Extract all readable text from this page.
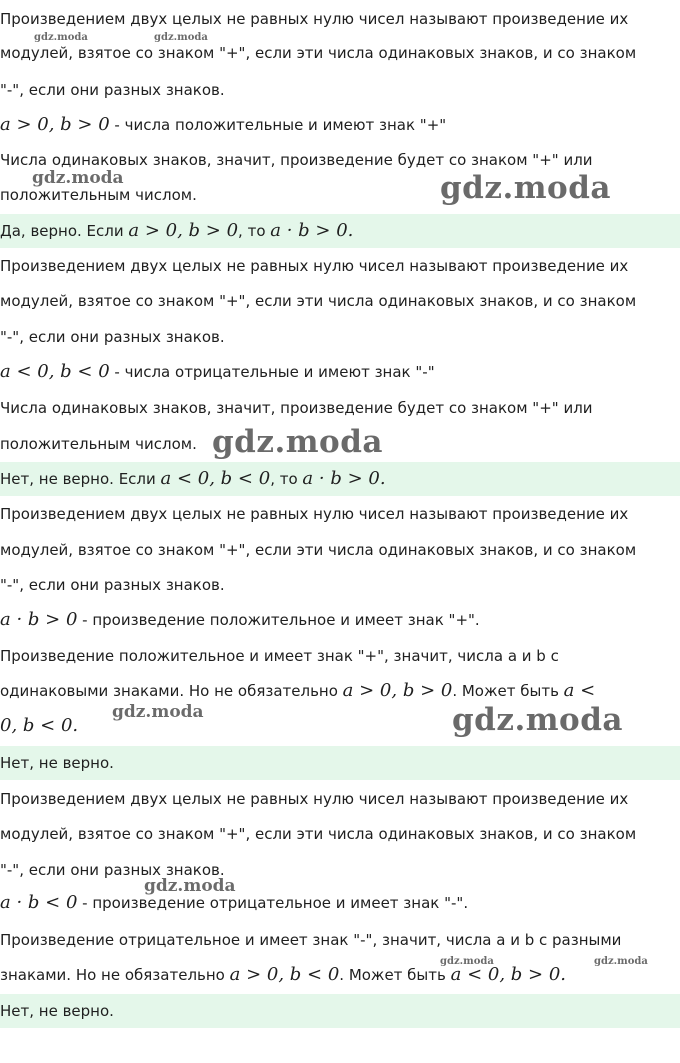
Произведением двух целых не равных нулю чисел называют произведение их
модулей, взятое со знаком "+", если эти числа одинаковых знаков, и со знаком
"-", если они разных знаков.
a > 0, b > 0 - числа положительные и имеют знак "+"
Числа одинаковых знаков, значит, произведение будет со знаком "+" или
положительным числом.
Да, верно. Если a > 0, b > 0, то a · b > 0.
Произведением двух целых не равных нулю чисел называют произведение их
модулей, взятое со знаком "+", если эти числа одинаковых знаков, и со знаком
"-", если они разных знаков.
a < 0, b < 0 - числа отрицательные и имеют знак "-"
Числа одинаковых знаков, значит, произведение будет со знаком "+" или
положительным числом.
Нет, не верно. Если a < 0, b < 0, то a · b > 0.
Произведением двух целых не равных нулю чисел называют произведение их
модулей, взятое со знаком "+", если эти числа одинаковых знаков, и со знаком
"-", если они разных знаков.
a · b > 0 - произведение положительное и имеет знак "+".
Произведение положительное и имеет знак "+", значит, числа a и b с
одинаковыми знаками. Но не обязательно a > 0, b > 0. Может быть a <
0, b < 0.
Нет, не верно.
Произведением двух целых не равных нулю чисел называют произведение их
модулей, взятое со знаком "+", если эти числа одинаковых знаков, и со знаком
"-", если они разных знаков.
a · b < 0 - произведение отрицательное и имеет знак "-".
Произведение отрицательное и имеет знак "-", значит, числа a и b с разными
знаками. Но не обязательно a > 0, b < 0. Может быть a < 0, b > 0.
Нет, не верно.
gdz.moda	gdz.moda
gdz.moda	gdz.moda
gdz.moda
gdz.moda	gdz.moda
gdz.moda
gdz.moda	gdz.moda
